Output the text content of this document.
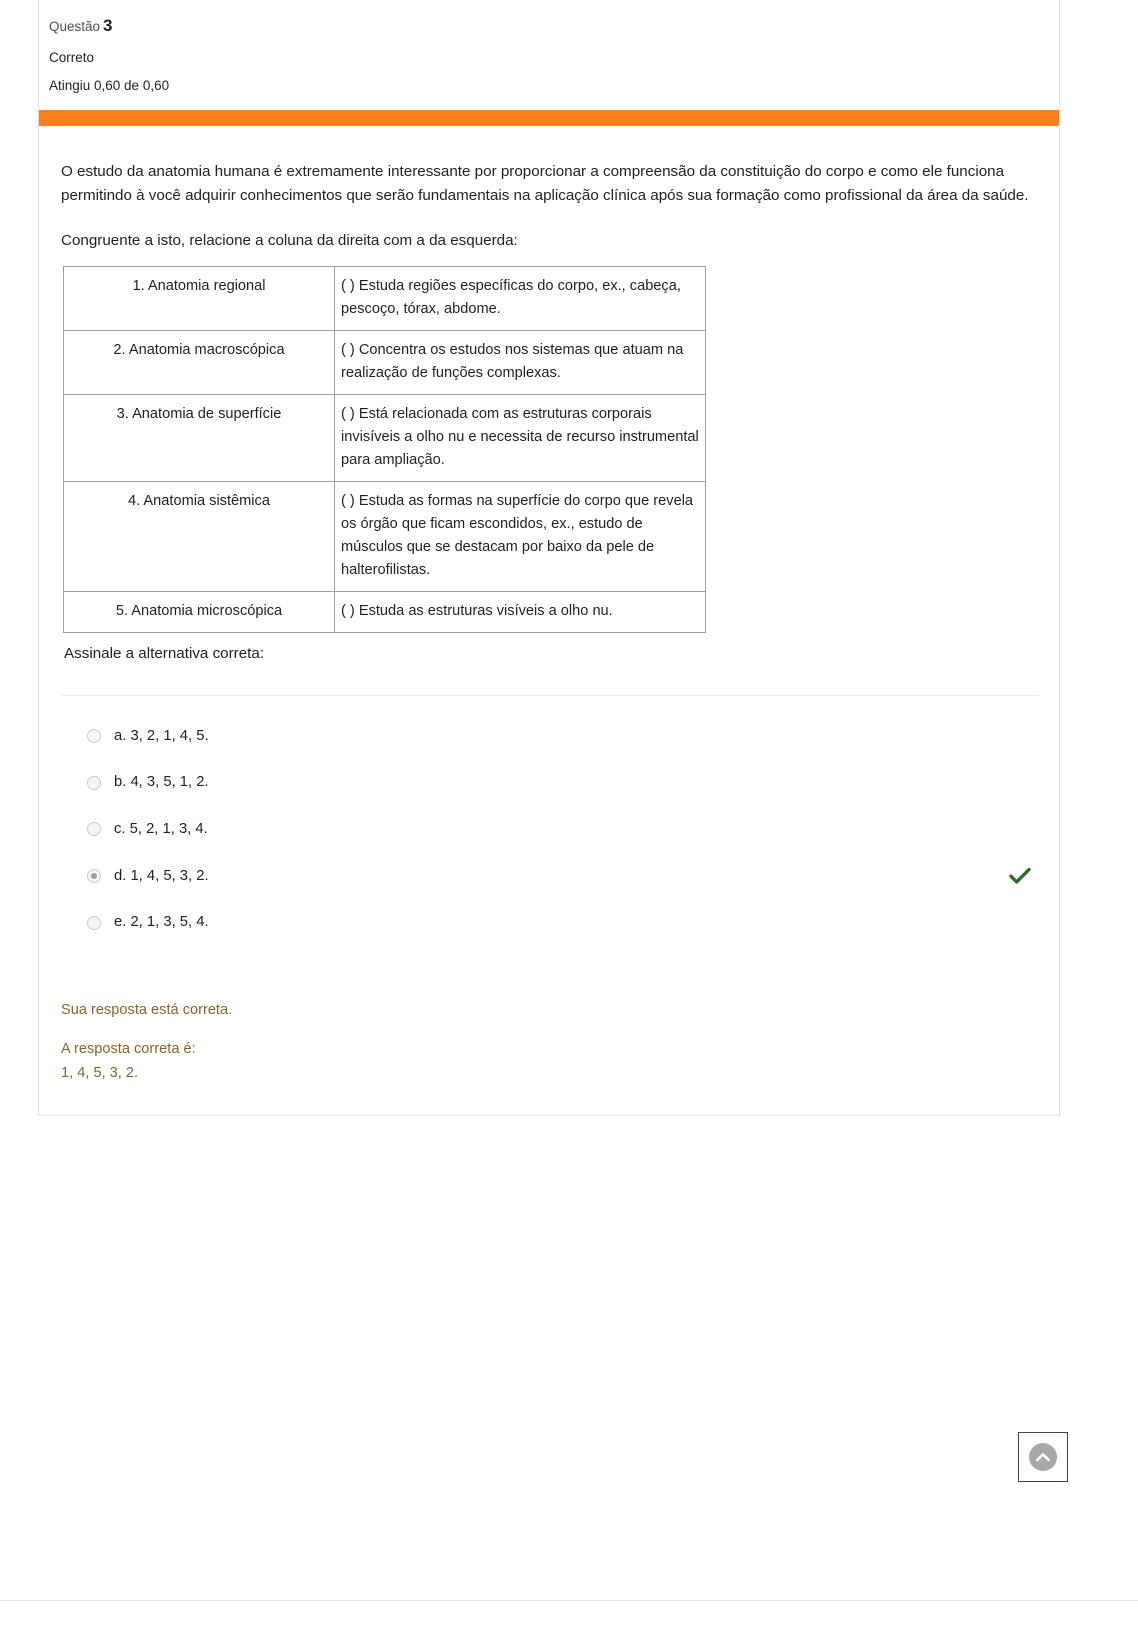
Questão 3
Correto
Atingiu 0,60 de 0,60

O estudo da anatomia humana é extremamente interessante por proporcionar a compreensão da constituição do corpo e como ele funciona permitindo à você adquirir conhecimentos que serão fundamentais na aplicação clínica após sua formação como profissional da área da saúde.

Congruente a isto, relacione a coluna da direita com a da esquerda:

1. Anatomia regional	( ) Estuda regiões específicas do corpo, ex., cabeça, pescoço, tórax, abdome.
2. Anatomia macroscópica	( ) Concentra os estudos nos sistemas que atuam na realização de funções complexas.
3. Anatomia de superfície	( ) Está relacionada com as estruturas corporais invisíveis a olho nu e necessita de recurso instrumental para ampliação.
4. Anatomia sistêmica	( ) Estuda as formas na superfície do corpo que revela os órgão que ficam escondidos, ex., estudo de músculos que se destacam por baixo da pele de halterofilistas.
5. Anatomia microscópica	( ) Estuda as estruturas visíveis a olho nu.
Assinale a alternativa correta:
a. 3, 2, 1, 4, 5.
b. 4, 3, 5, 1, 2.
c. 5, 2, 1, 3, 4.
d. 1, 4, 5, 3, 2.
e. 2, 1, 3, 5, 4.
Sua resposta está correta.
A resposta correta é:
1, 4, 5, 3, 2.
